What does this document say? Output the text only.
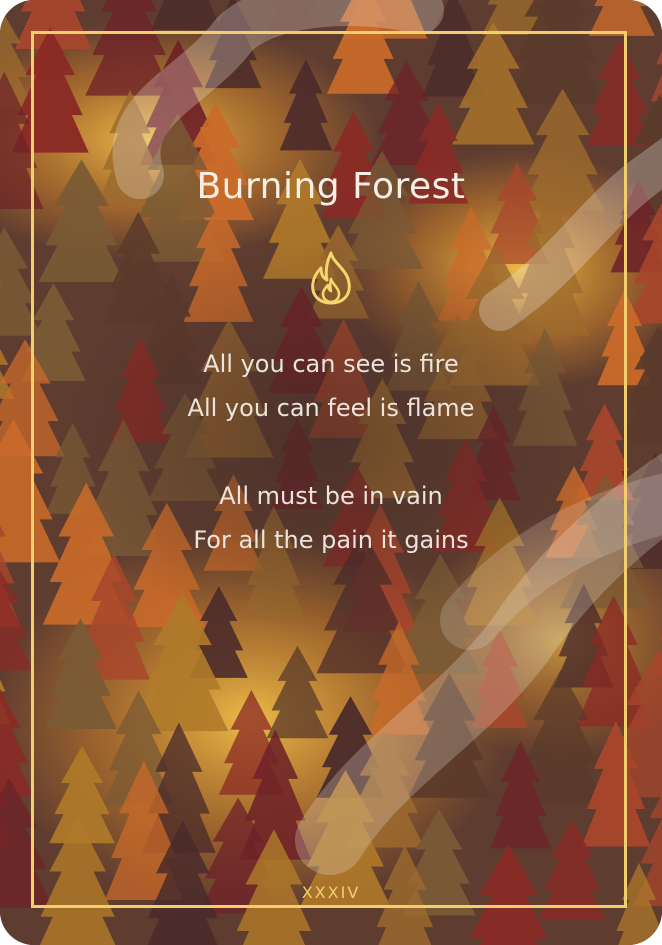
Burning Forest
All you can see is fire
All you can feel is flame
All must be in vain
For all the pain it gains
XXXIV
